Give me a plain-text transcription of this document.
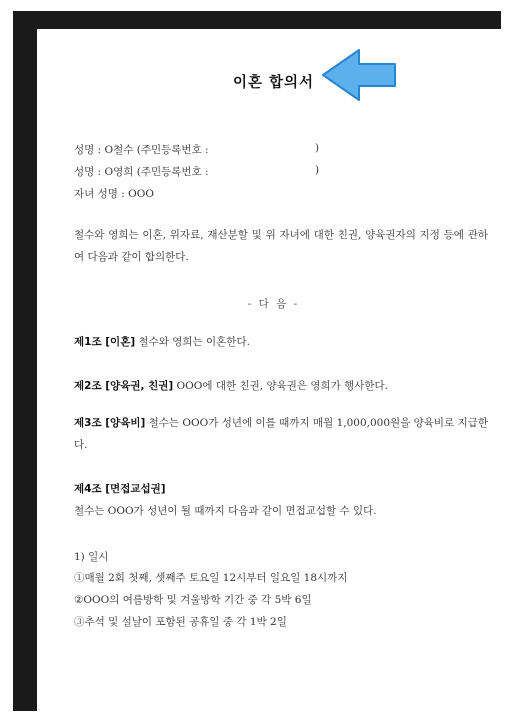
이혼 합의서
성명 : O철수 (주민등록번호 :	)
성명 : O영희 (주민등록번호 :	)
자녀 성명 : OOO
철수와 영희는 이혼, 위자료, 재산분할 및 위 자녀에 대한 친권, 양육권자의 지정 등에 관하여 다음과 같이 합의한다.
- 다 음 -
제1조 [이혼] 철수와 영희는 이혼한다.
제2조 [양육권, 친권] OOO에 대한 친권, 양육권은 영희가 행사한다.
제3조 [양육비] 철수는 OOO가 성년에 이를 때까지 매월 1,000,000원을 양육비로 지급한다.
제4조 [면접교섭권]
철수는 OOO가 성년이 될 때까지 다음과 같이 면접교섭할 수 있다.
1) 일시
①매월 2회 첫째, 셋째주 토요일 12시부터 일요일 18시까지
②OOO의 여름방학 및 겨울방학 기간 중 각 5박 6일
③추석 및 설날이 포함된 공휴일 중 각 1박 2일
